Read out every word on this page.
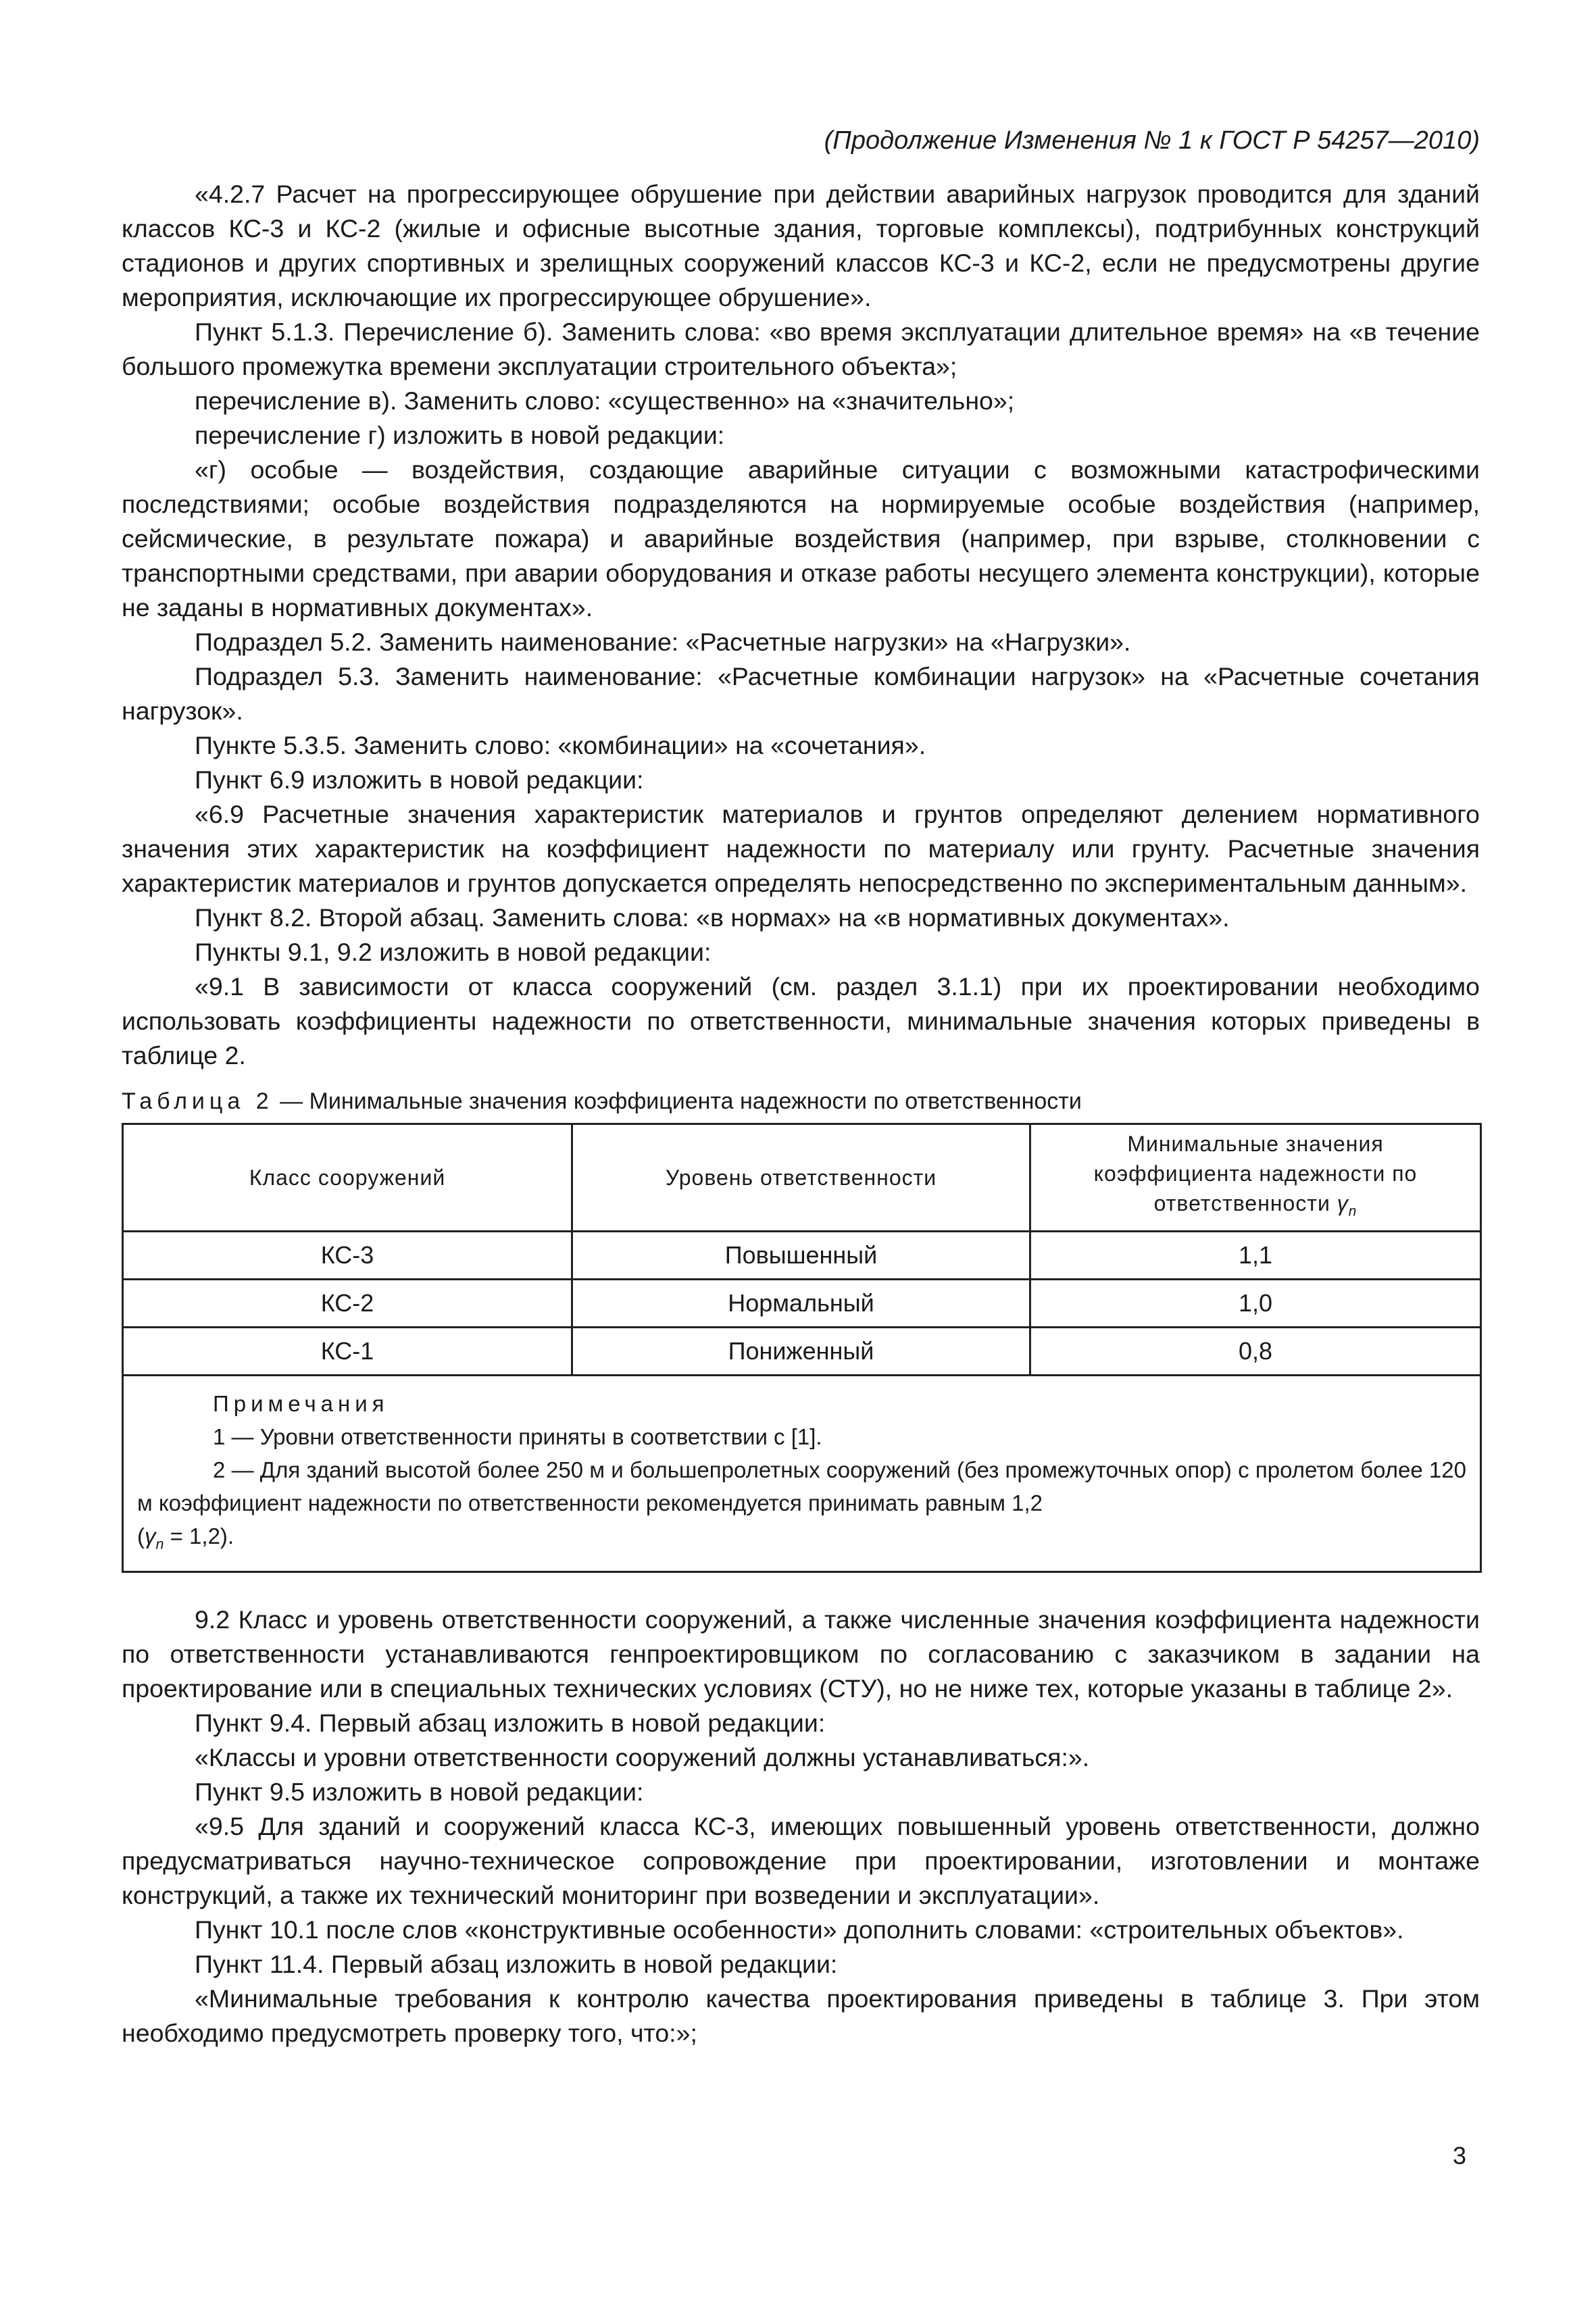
(Продолжение Изменения № 1 к ГОСТ Р 54257—2010)

«4.2.7 Расчет на прогрессирующее обрушение при действии аварийных нагрузок проводится для зданий классов КС-3 и КС-2 (жилые и офисные высотные здания, торговые комплексы), подтрибунных конструкций стадионов и других спортивных и зрелищных сооружений классов КС-3 и КС-2, если не предусмотрены другие мероприятия, исключающие их прогрессирующее обрушение».

Пункт 5.1.3. Перечисление б). Заменить слова: «во время эксплуатации длительное время» на «в течение большого промежутка времени эксплуатации строительного объекта»;

перечисление в). Заменить слово: «существенно» на «значительно»;

перечисление г) изложить в новой редакции:

«г) особые — воздействия, создающие аварийные ситуации с возможными катастрофическими последствиями; особые воздействия подразделяются на нормируемые особые воздействия (например, сейсмические, в результате пожара) и аварийные воздействия (например, при взрыве, столкновении с транспортными средствами, при аварии оборудования и отказе работы несущего элемента конструкции), которые не заданы в нормативных документах».

Подраздел 5.2. Заменить наименование: «Расчетные нагрузки» на «Нагрузки».

Подраздел 5.3. Заменить наименование: «Расчетные комбинации нагрузок» на «Расчетные сочетания нагрузок».

Пункте 5.3.5. Заменить слово: «комбинации» на «сочетания».

Пункт 6.9 изложить в новой редакции:

«6.9 Расчетные значения характеристик материалов и грунтов определяют делением нормативного значения этих характеристик на коэффициент надежности по материалу или грунту. Расчетные значения характеристик материалов и грунтов допускается определять непосредственно по экспериментальным данным».

Пункт 8.2. Второй абзац. Заменить слова: «в нормах» на «в нормативных документах».

Пункты 9.1, 9.2 изложить в новой редакции:

«9.1 В зависимости от класса сооружений (см. раздел 3.1.1) при их проектировании необходимо использовать коэффициенты надежности по ответственности, минимальные значения которых приведены в таблице 2.

Таблица 2 — Минимальные значения коэффициента надежности по ответственности
Класс сооружений	Уровень ответственности	Минимальные значения коэффициента надежности по ответственности $\gamma_n$
КС-3	Повышенный	1,1
КС-2	Нормальный	1,0
КС-1	Пониженный	0,8

Примечания

1 — Уровни ответственности приняты в соответствии с [1].

2 — Для зданий высотой более 250 м и большепролетных сооружений (без промежуточных опор) с пролетом более 120 м коэффициент надежности по ответственности рекомендуется принимать равным 1,2

$(\gamma_n = 1,2)$.		

9.2 Класс и уровень ответственности сооружений, а также численные значения коэффициента надежности по ответственности устанавливаются генпроектировщиком по согласованию с заказчиком в задании на проектирование или в специальных технических условиях (СТУ), но не ниже тех, которые указаны в таблице 2».

Пункт 9.4. Первый абзац изложить в новой редакции:

«Классы и уровни ответственности сооружений должны устанавливаться:».

Пункт 9.5 изложить в новой редакции:

«9.5 Для зданий и сооружений класса КС-3, имеющих повышенный уровень ответственности, должно предусматриваться научно-техническое сопровождение при проектировании, изготовлении и монтаже конструкций, а также их технический мониторинг при возведении и эксплуатации».

Пункт 10.1 после слов «конструктивные особенности» дополнить словами: «строительных объектов».

Пункт 11.4. Первый абзац изложить в новой редакции:

«Минимальные требования к контролю качества проектирования приведены в таблице 3. При этом необходимо предусмотреть проверку того, что:»;

3
